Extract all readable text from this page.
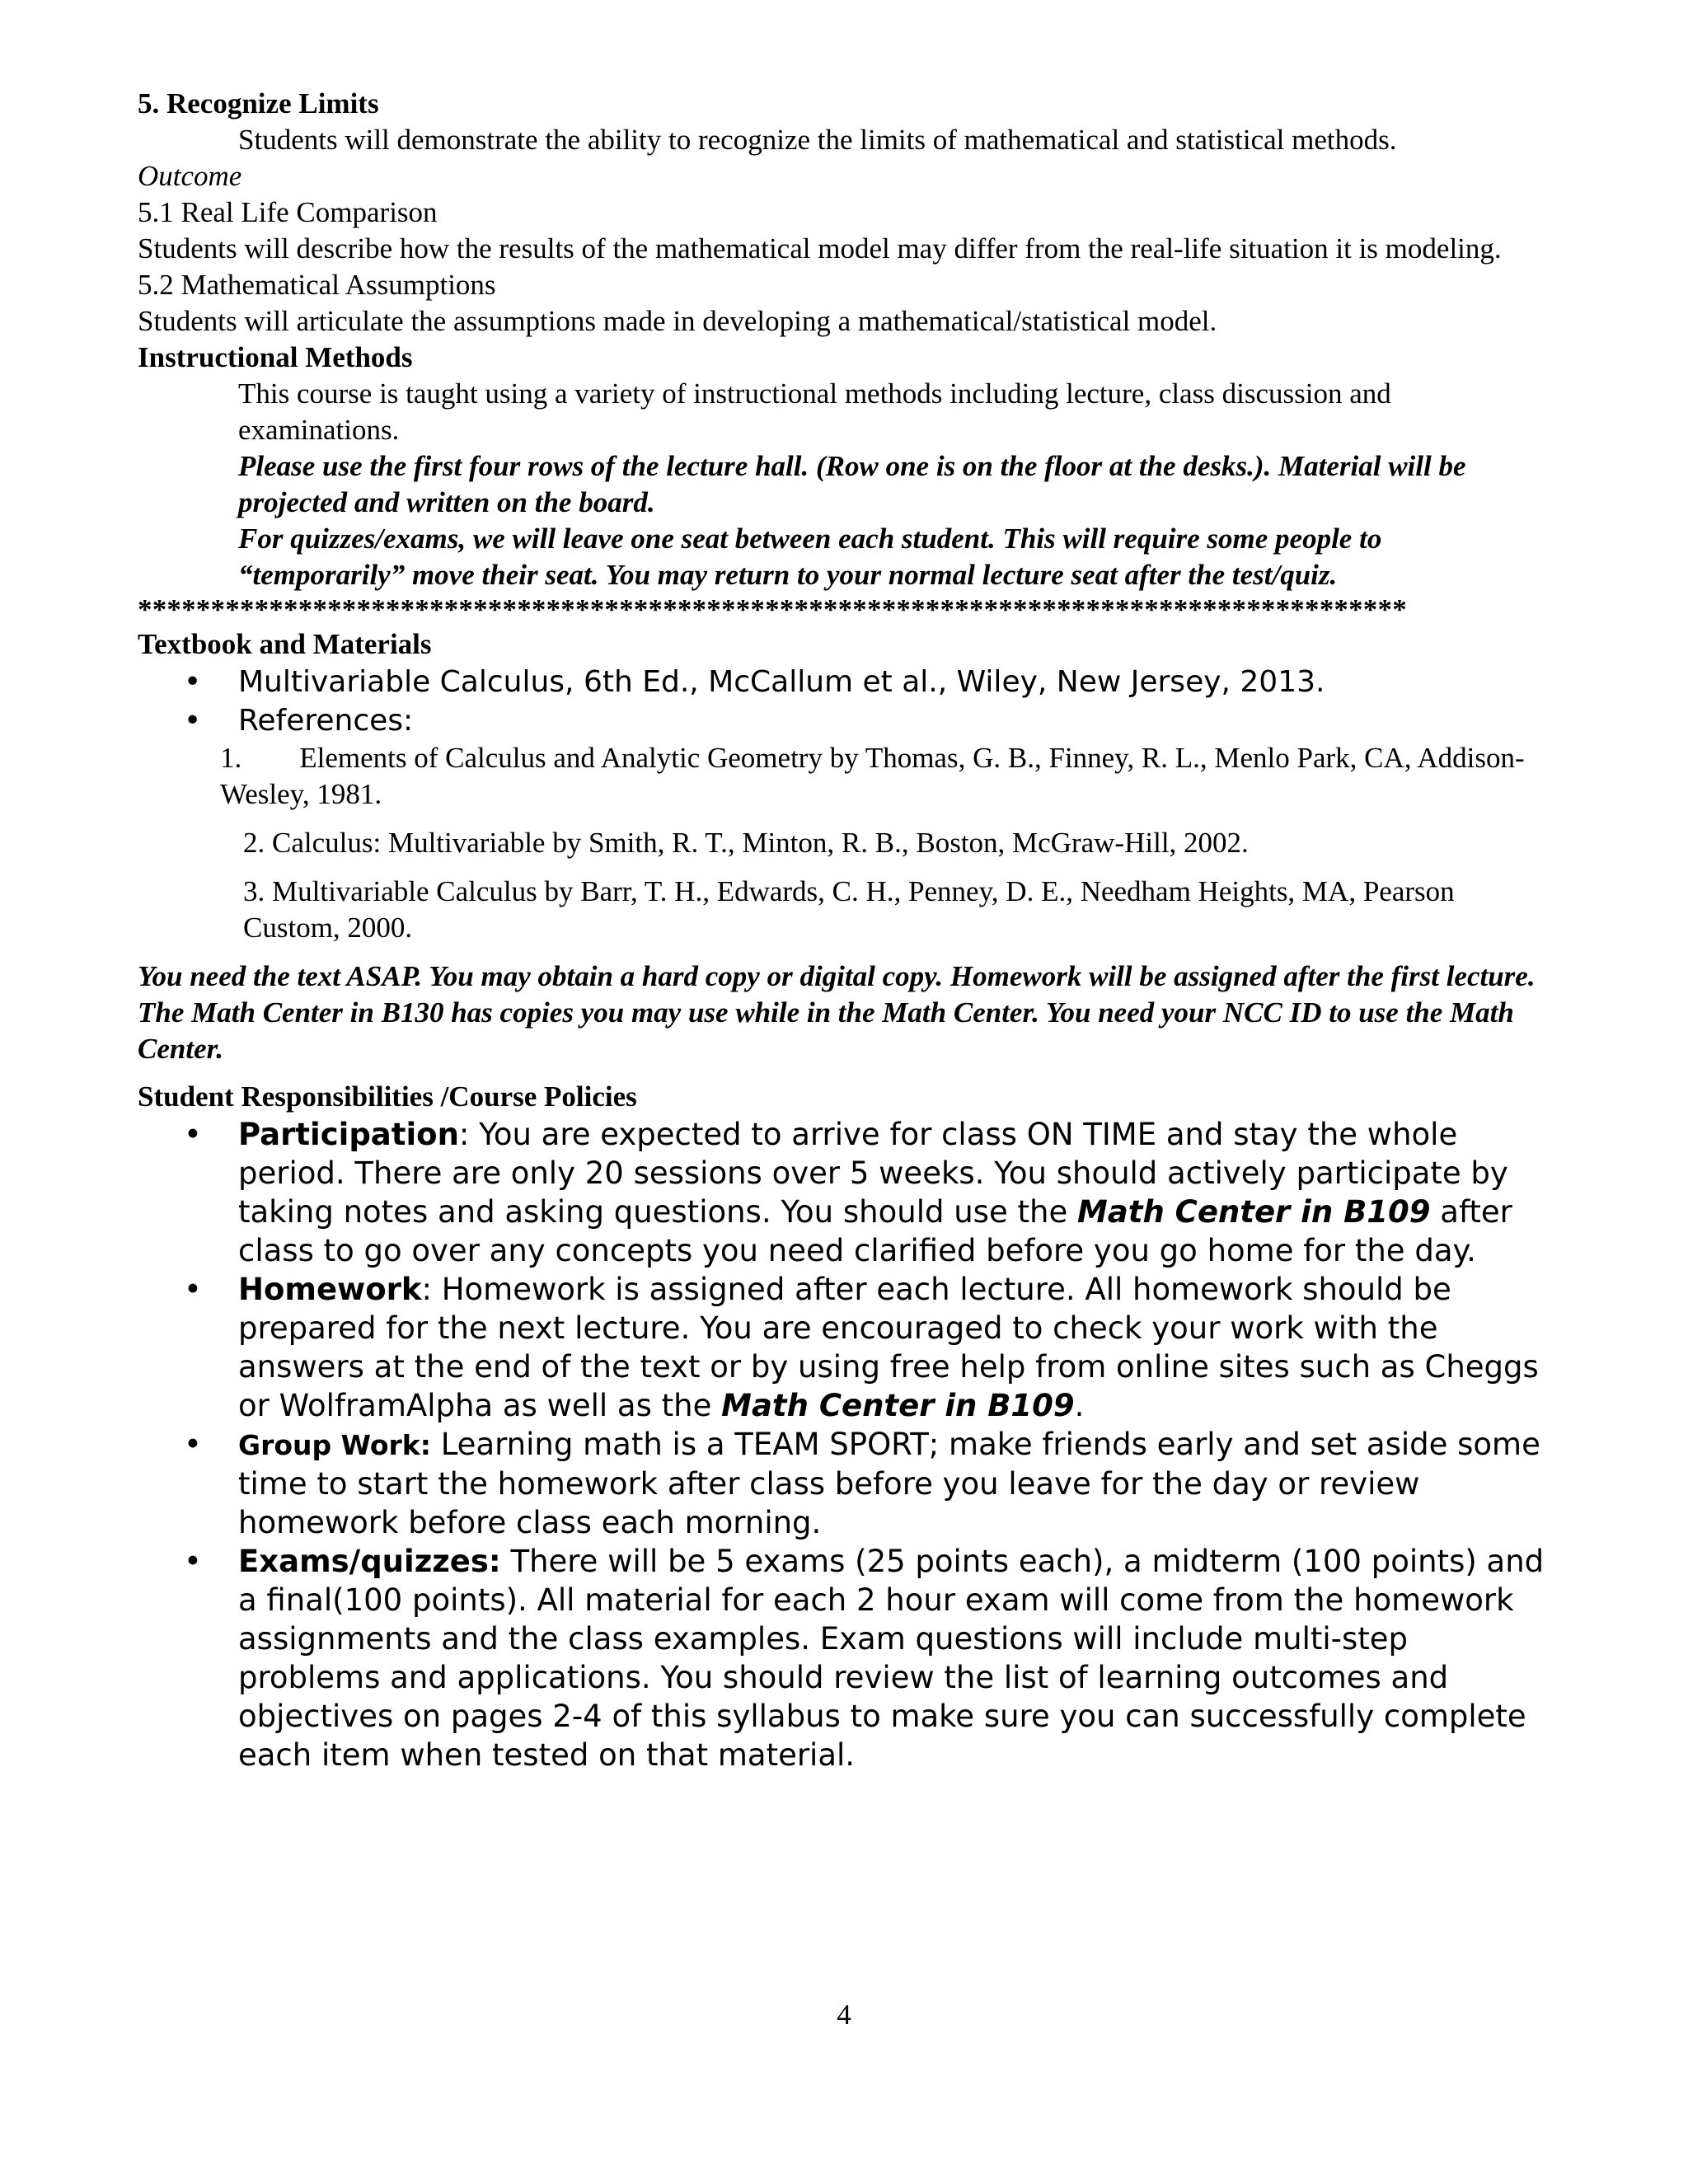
5. Recognize Limits
Students will demonstrate the ability to recognize the limits of mathematical and statistical methods.
Outcome
5.1 Real Life Comparison
Students will describe how the results of the mathematical model may differ from the real-life situation it is modeling.
5.2 Mathematical Assumptions
Students will articulate the assumptions made in developing a mathematical/statistical model.
Instructional Methods
This course is taught using a variety of instructional methods including lecture, class discussion and examinations.
Please use the first four rows of the lecture hall. (Row one is on the floor at the desks.). Material will be projected and written on the board.
For quizzes/exams, we will leave one seat between each student. This will require some people to “temporarily” move their seat. You may return to your normal lecture seat after the test/quiz.
***************************************************************************************
Textbook and Materials
• Multivariable Calculus, 6th Ed., McCallum et al., Wiley, New Jersey, 2013.
• References:
1.        Elements of Calculus and Analytic Geometry by Thomas, G. B., Finney, R. L., Menlo Park, CA, Addison-Wesley, 1981.
2. Calculus: Multivariable by Smith, R. T., Minton, R. B., Boston, McGraw-Hill, 2002.
3. Multivariable Calculus by Barr, T. H., Edwards, C. H., Penney, D. E., Needham Heights, MA, Pearson Custom, 2000.
You need the text ASAP. You may obtain a hard copy or digital copy. Homework will be assigned after the first lecture. The Math Center in B130 has copies you may use while in the Math Center. You need your NCC ID to use the Math Center.
Student Responsibilities /Course Policies
• Participation: You are expected to arrive for class ON TIME and stay the whole period. There are only 20 sessions over 5 weeks. You should actively participate by taking notes and asking questions. You should use the Math Center in B109 after class to go over any concepts you need clarified before you go home for the day.
• Homework: Homework is assigned after each lecture. All homework should be prepared for the next lecture. You are encouraged to check your work with the answers at the end of the text or by using free help from online sites such as Cheggs or WolframAlpha as well as the Math Center in B109.
• Group Work: Learning math is a TEAM SPORT; make friends early and set aside some time to start the homework after class before you leave for the day or review homework before class each morning.
• Exams/quizzes: There will be 5 exams (25 points each), a midterm (100 points) and a final(100 points). All material for each 2 hour exam will come from the homework assignments and the class examples. Exam questions will include multi-step problems and applications. You should review the list of learning outcomes and objectives on pages 2-4 of this syllabus to make sure you can successfully complete each item when tested on that material.
4
